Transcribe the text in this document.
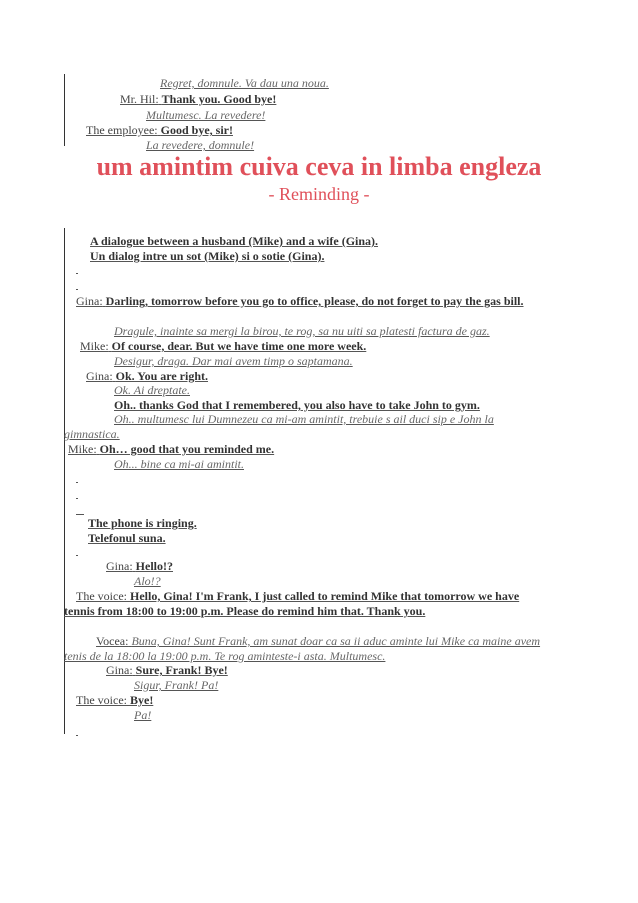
Regret, domnule. Va dau una noua.
Mr. Hil: Thank you. Good bye!
Multumesc. La revedere!
The employee: Good bye, sir!
La revedere, domnule!
um amintim cuiva ceva in limba engleza
- Reminding -
A dialogue between a husband (Mike) and a wife (Gina).
Un dialog intre un sot (Mike) si o sotie (Gina).
Gina: Darling, tomorrow before you go to office, please, do not forget to pay the gas bill.
Dragule, inainte sa mergi la birou, te rog, sa nu uiti sa platesti factura de gaz.
Mike: Of course, dear. But we have time one more week.
Desigur, draga. Dar mai avem timp o saptamana.
Gina: Ok. You are right.
Ok. Ai dreptate.
Oh.. thanks God that I remembered, you also have to take John to gym.
Oh.. multumesc lui Dumnezeu ca mi-am amintit, trebuie s ail duci sip e John la gimnastica.
Mike: Oh… good that you reminded me.
Oh... bine ca mi-ai amintit.
The phone is ringing.
Telefonul suna.
Gina: Hello!?
Alo!?
The voice: Hello, Gina! I'm Frank, I just called to remind Mike that tomorrow we have tennis from 18:00 to 19:00 p.m. Please do remind him that. Thank you.
Vocea: Buna, Gina! Sunt Frank, am sunat doar ca sa ii aduc aminte lui Mike ca maine avem tenis de la 18:00 la 19:00 p.m. Te rog aminteste-i asta. Multumesc.
Gina: Sure, Frank! Bye!
Sigur, Frank! Pa!
The voice: Bye!
Pa!
